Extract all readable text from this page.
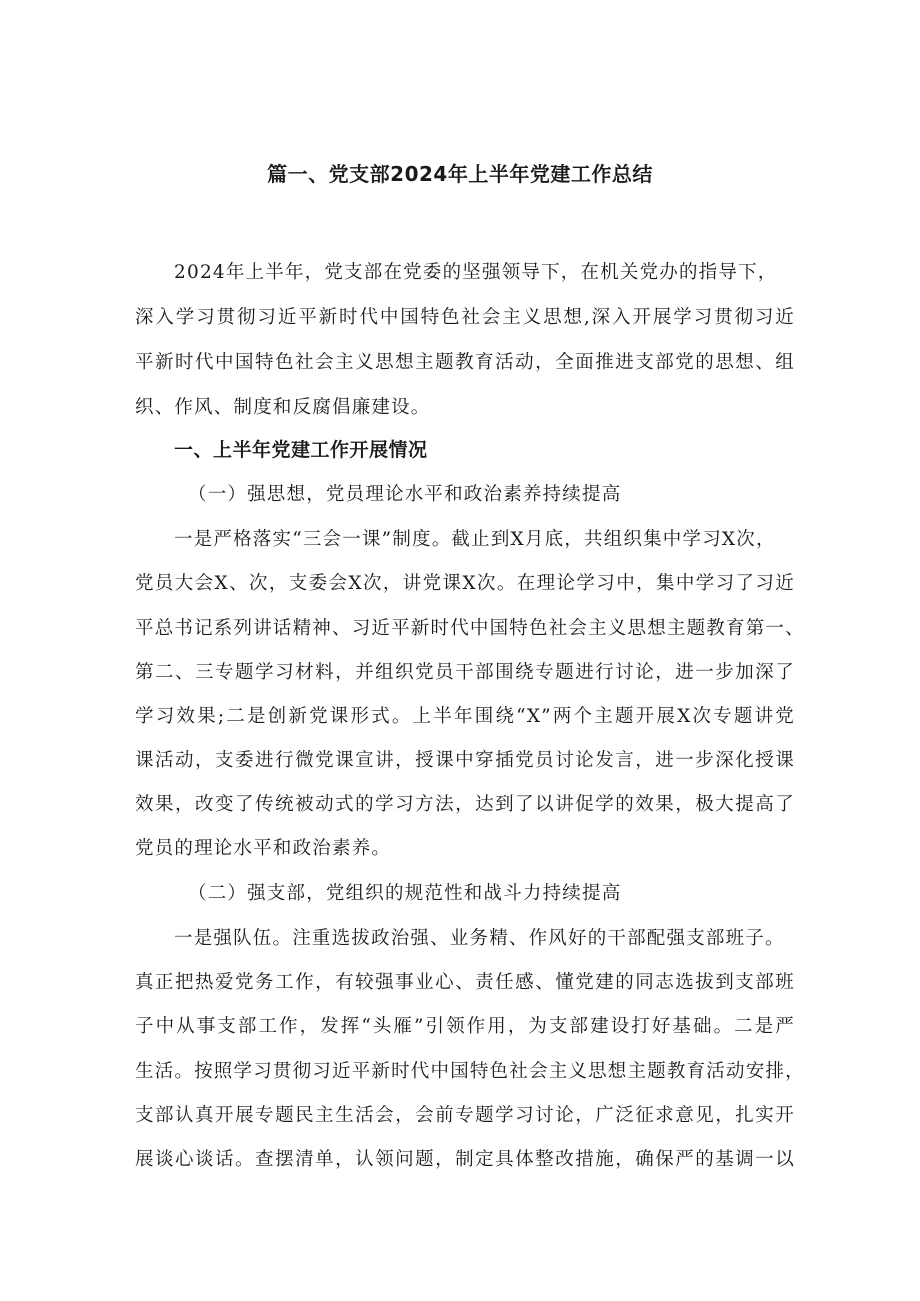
篇一、党支部2024年上半年党建工作总结

2024年上半年，党支部在党委的坚强领导下，在机关党办的指导下，

深入学习贯彻习近平新时代中国特色社会主义思想,深入开展学习贯彻习近

平新时代中国特色社会主义思想主题教育活动，全面推进支部党的思想、组

织、作风、制度和反腐倡廉建设。

一、上半年党建工作开展情况

（一）强思想，党员理论水平和政治素养持续提高

一是严格落实“三会一课”制度。截止到X月底，共组织集中学习X次，

党员大会X、次，支委会X次，讲党课X次。在理论学习中，集中学习了习近

平总书记系列讲话精神、习近平新时代中国特色社会主义思想主题教育第一、

第二、三专题学习材料，并组织党员干部围绕专题进行讨论，进一步加深了

学习效果;二是创新党课形式。上半年围绕“X”两个主题开展X次专题讲党

课活动，支委进行微党课宣讲，授课中穿插党员讨论发言，进一步深化授课

效果，改变了传统被动式的学习方法，达到了以讲促学的效果，极大提高了

党员的理论水平和政治素养。

（二）强支部，党组织的规范性和战斗力持续提高

一是强队伍。注重选拔政治强、业务精、作风好的干部配强支部班子。

真正把热爱党务工作，有较强事业心、责任感、懂党建的同志选拔到支部班

子中从事支部工作，发挥“头雁”引领作用，为支部建设打好基础。二是严

生活。按照学习贯彻习近平新时代中国特色社会主义思想主题教育活动安排，

支部认真开展专题民主生活会，会前专题学习讨论，广泛征求意见，扎实开

展谈心谈话。查摆清单，认领问题，制定具体整改措施，确保严的基调一以
